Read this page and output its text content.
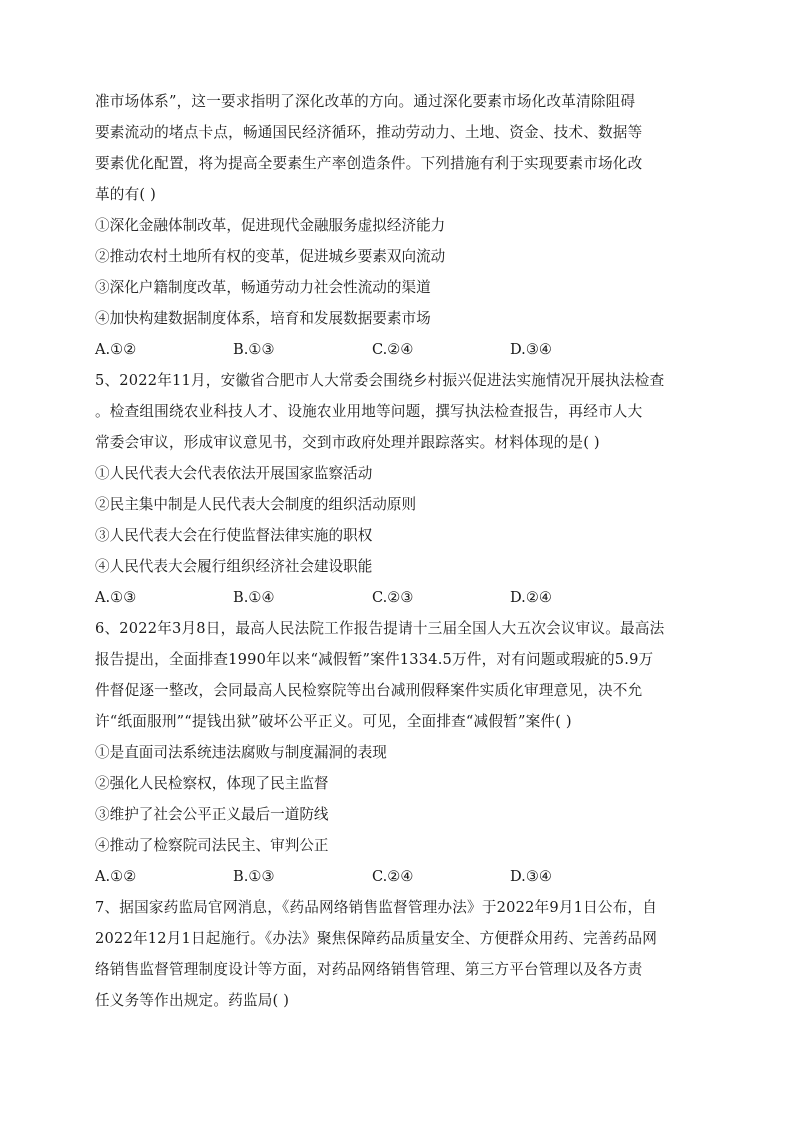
准市场体系”，这一要求指明了深化改革的方向。通过深化要素市场化改革清除阻碍
要素流动的堵点卡点，畅通国民经济循环，推动劳动力、土地、资金、技术、数据等
要素优化配置，将为提高全要素生产率创造条件。下列措施有利于实现要素市场化改
革的有( )

①深化金融体制改革，促进现代金融服务虚拟经济能力
②推动农村土地所有权的变革，促进城乡要素双向流动
③深化户籍制度改革，畅通劳动力社会性流动的渠道
④加快构建数据制度体系，培育和发展数据要素市场
A.①②	B.①③	C.②④	D.③④

5、2022年11月，安徽省合肥市人大常委会围绕乡村振兴促进法实施情况开展执法检查
。检查组围绕农业科技人才、设施农业用地等问题，撰写执法检查报告，再经市人大
常委会审议，形成审议意见书，交到市政府处理并跟踪落实。材料体现的是( )

①人民代表大会代表依法开展国家监察活动
②民主集中制是人民代表大会制度的组织活动原则
③人民代表大会在行使监督法律实施的职权
④人民代表大会履行组织经济社会建设职能
A.①③	B.①④	C.②③	D.②④

6、2022年3月8日，最高人民法院工作报告提请十三届全国人大五次会议审议。最高法
报告提出，全面排查1990年以来“减假暂”案件1334.5万件，对有问题或瑕疵的5.9万
件督促逐一整改，会同最高人民检察院等出台减刑假释案件实质化审理意见，决不允
许“纸面服刑”“提钱出狱”破坏公平正义。可见，全面排查“减假暂”案件( )

①是直面司法系统违法腐败与制度漏洞的表现
②强化人民检察权，体现了民主监督
③维护了社会公平正义最后一道防线
④推动了检察院司法民主、审判公正
A.①②	B.①③	C.②④	D.③④

7、据国家药监局官网消息，《药品网络销售监督管理办法》于2022年9月1日公布，自
2022年12月1日起施行。《办法》聚焦保障药品质量安全、方便群众用药、完善药品网
络销售监督管理制度设计等方面，对药品网络销售管理、第三方平台管理以及各方责
任义务等作出规定。药监局( )
